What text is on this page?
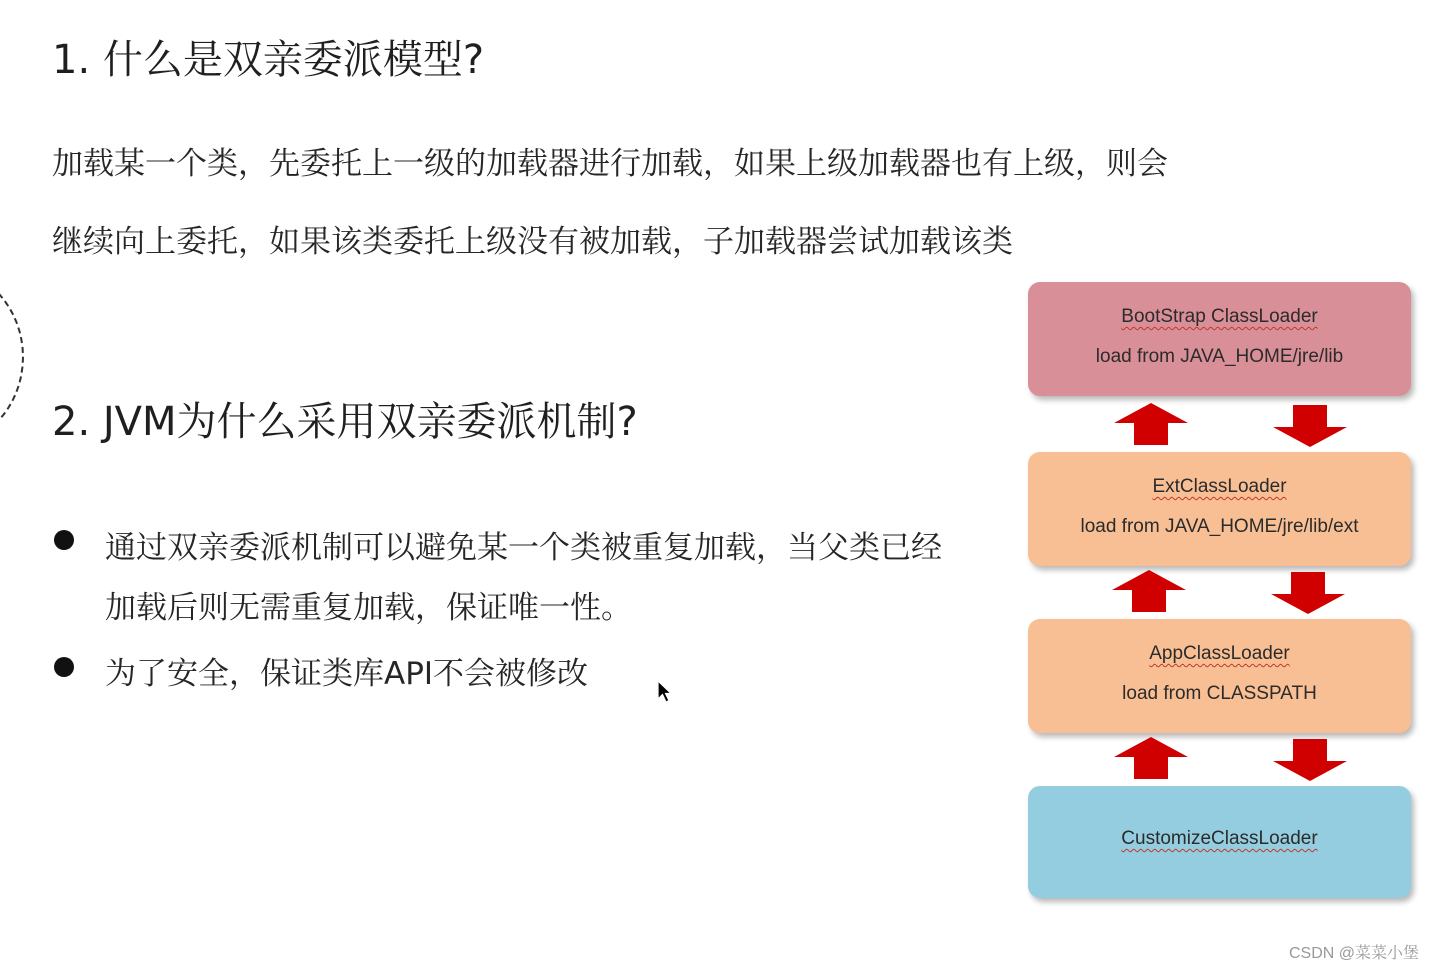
1. 什么是双亲委派模型?
加载某一个类，先委托上一级的加载器进行加载，如果上级加载器也有上级，则会
继续向上委托，如果该类委托上级没有被加载，子加载器尝试加载该类
2. JVM为什么采用双亲委派机制?
通过双亲委派机制可以避免某一个类被重复加载，当父类已经
加载后则无需重复加载，保证唯一性。
为了安全，保证类库API不会被修改
BootStrap ClassLoader
load from JAVA_HOME/jre/lib
ExtClassLoader
load from JAVA_HOME/jre/lib/ext
AppClassLoader
load from CLASSPATH
CustomizeClassLoader
CSDN @菜菜小堡
